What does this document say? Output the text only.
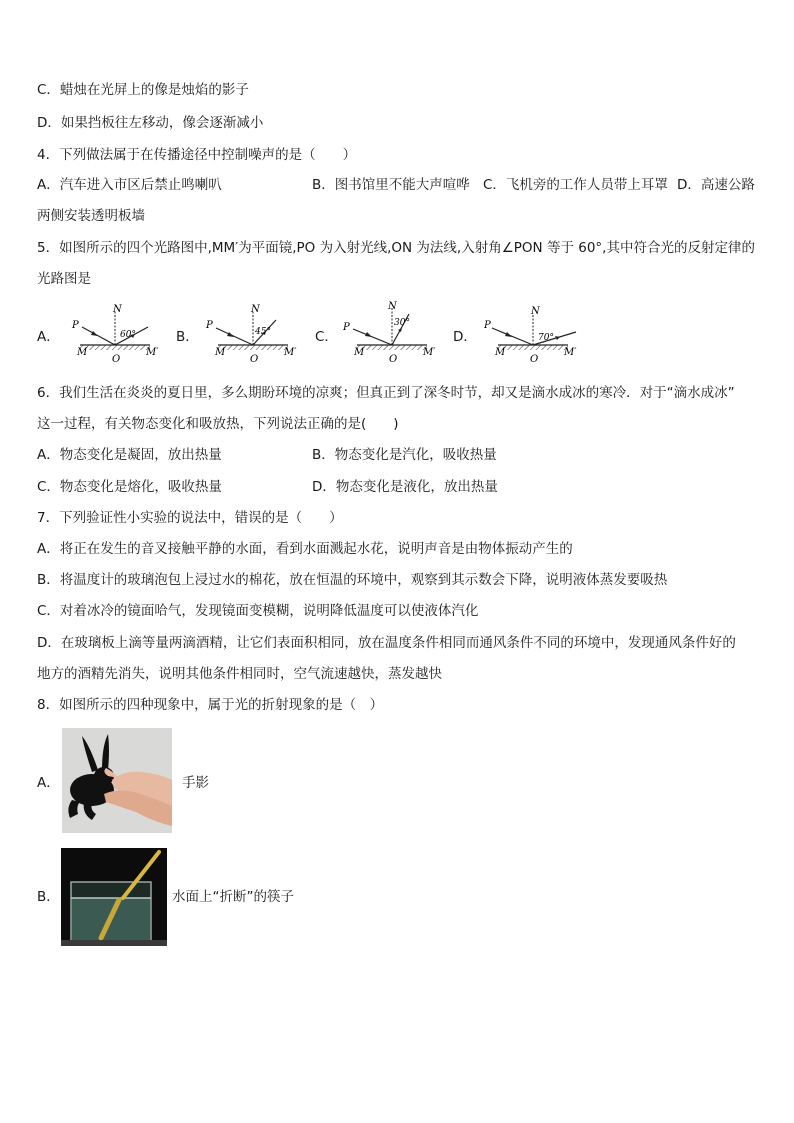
C．蜡烛在光屏上的像是烛焰的影子
D．如果挡板往左移动，像会逐渐减小
4．下列做法属于在传播途径中控制噪声的是（　　）
A．汽车进入市区后禁止鸣喇叭	B．图书馆里不能大声喧哗 C．飞机旁的工作人员带上耳罩 D．高速公路
两侧安装透明板墙
5．如图所示的四个光路图中,MM′为平面镜,PO 为入射光线,ON 为法线,入射角∠PON 等于 60°,其中符合光的反射定律的
光路图是
A．	B．	C．	D．
P
N
60°
M	M′
O
P
N
45°
M	M′
O
P
N
30°
M	M′
O
P
N
70°
M	M′
O
6．我们生活在炎炎的夏日里，多么期盼环境的凉爽；但真正到了深冬时节，却又是滴水成冰的寒冷．对于“滴水成冰”
这一过程，有关物态变化和吸放热，下列说法正确的是(　　)
A．物态变化是凝固，放出热量	B．物态变化是汽化，吸收热量
C．物态变化是熔化，吸收热量	D．物态变化是液化，放出热量
7．下列验证性小实验的说法中，错误的是（　　）
A．将正在发生的音叉接触平静的水面，看到水面溅起水花，说明声音是由物体振动产生的
B．将温度计的玻璃泡包上浸过水的棉花，放在恒温的环境中，观察到其示数会下降，说明液体蒸发要吸热
C．对着冰冷的镜面哈气，发现镜面变模糊，说明降低温度可以使液体汽化
D．在玻璃板上滴等量两滴酒精，让它们表面积相同，放在温度条件相同而通风条件不同的环境中，发现通风条件好的
地方的酒精先消失，说明其他条件相同时，空气流速越快，蒸发越快
8．如图所示的四种现象中，属于光的折射现象的是（　）
A．	手影
B．	水面上“折断”的筷子
